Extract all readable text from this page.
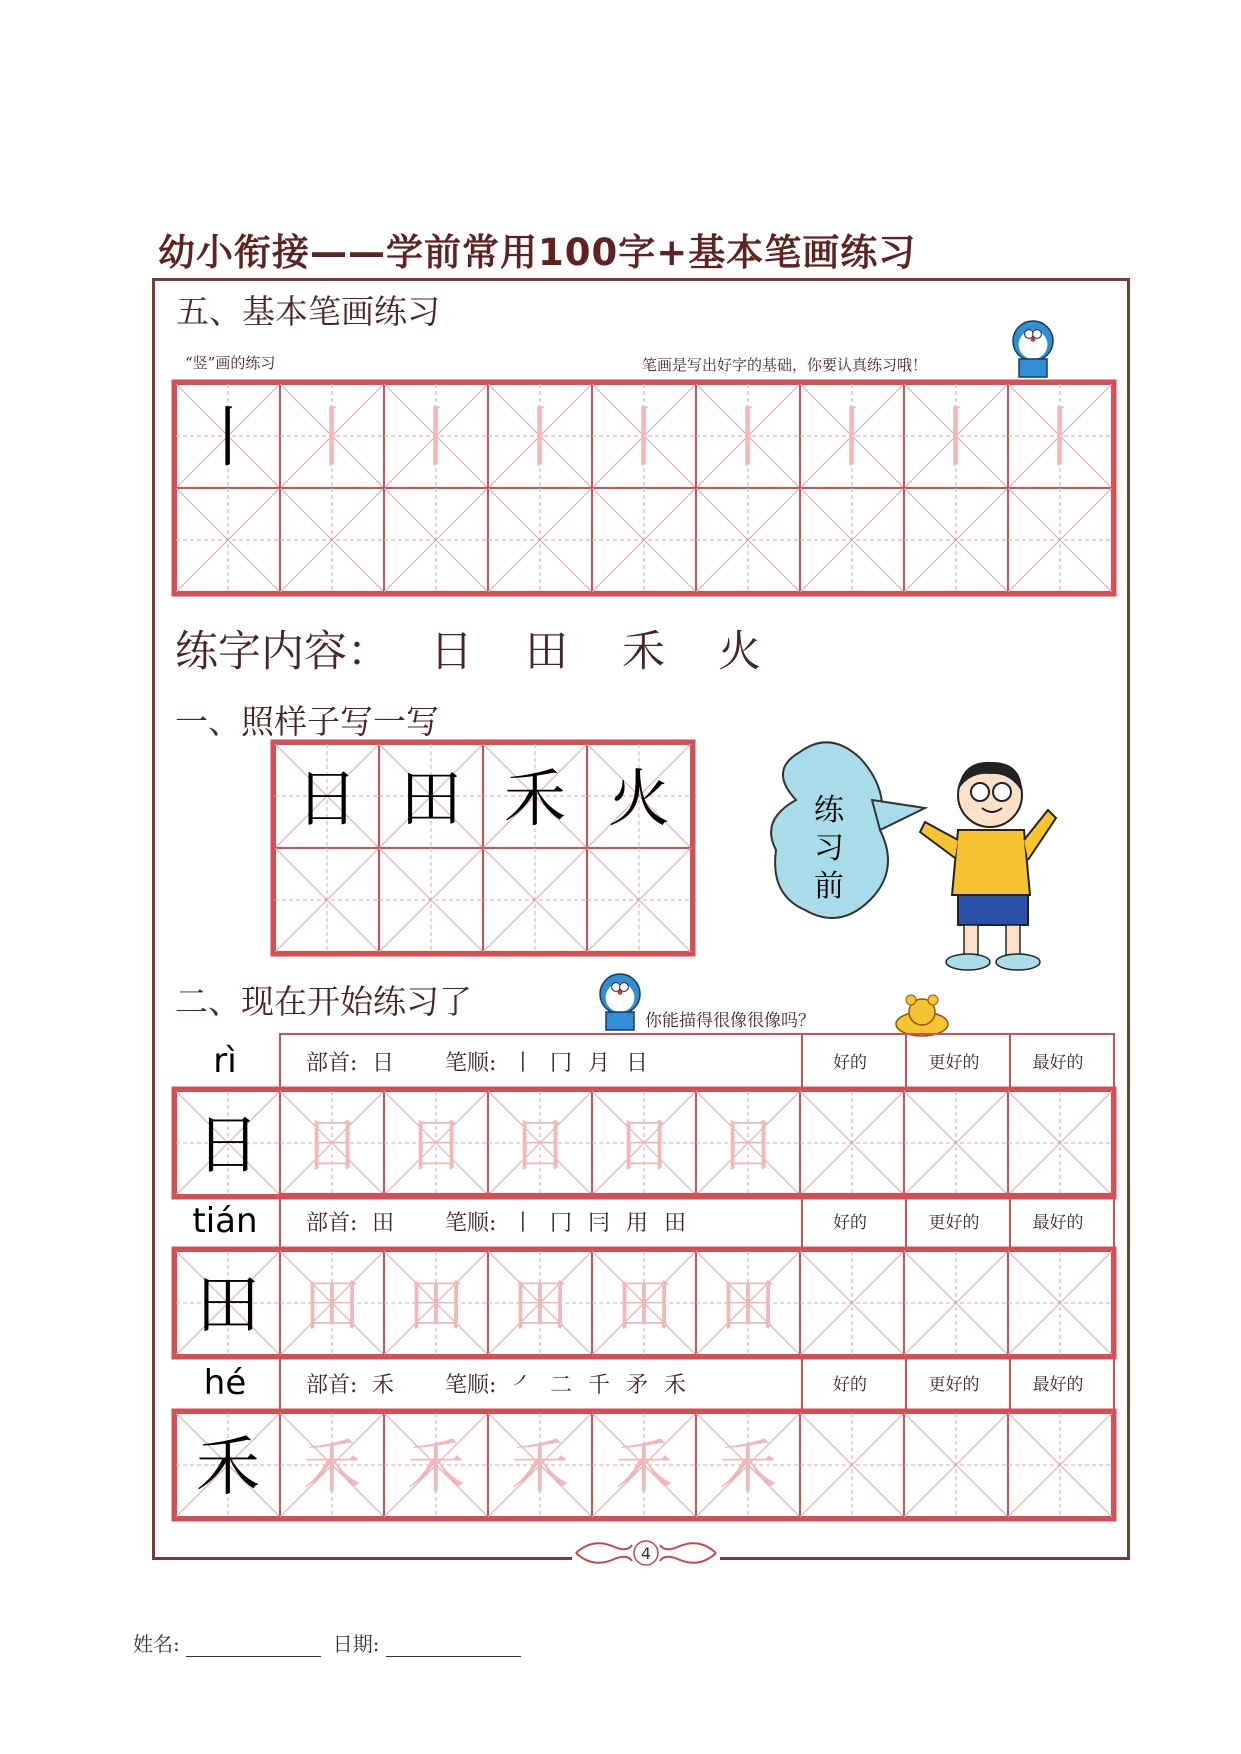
幼小衔接——学前常用100字+基本笔画练习
五、基本笔画练习
“竖”画的练习	笔画是写出好字的基础，你要认真练习哦！
练字内容： 日 田 禾 火
一、照样子写一写
二、现在开始练习了	你能描得很像很像吗？
丨 丨 丨 丨 丨 丨 丨 丨 丨
日 田 禾 火	练
习
前
rì	部首: 日 笔顺: 丨 冂 月 日	好的	更好的	最好的
日 日 日 日 日 日
tián 部首: 田 笔顺: 丨 冂 冃 用 田	好的	更好的	最好的
田 田 田 田 田 田
hé	部首: 禾 笔顺: ㇒ 二 千 矛 禾	好的	更好的	最好的
禾 禾 禾 禾 禾 禾
4
姓名:	日期:
